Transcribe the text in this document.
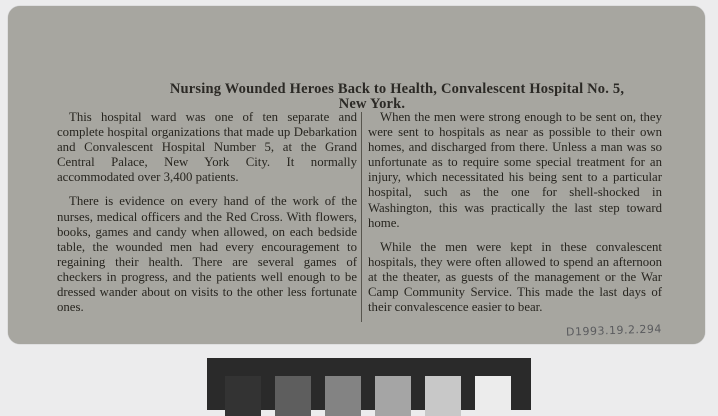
Nursing Wounded Heroes Back to Health, Convalescent Hospital No. 5,
New York.

This hospital ward was one of ten separate and complete hospital organizations that made up Debarkation and Convalescent Hospital Number 5, at the Grand Central Palace, New York City. It normally accommodated over 3,400 patients.

There is evidence on every hand of the work of the nurses, medical officers and the Red Cross. With flowers, books, games and candy when allowed, on each bedside table, the wounded men had every encouragement to regaining their health. There are several games of checkers in progress, and the patients well enough to be dressed wander about on visits to the other less fortunate ones.

When the men were strong enough to be sent on, they were sent to hospitals as near as possible to their own homes, and discharged from there. Unless a man was so unfortunate as to require some special treatment for an injury, which necessitated his being sent to a particular hospital, such as the one for shell-shocked in Washington, this was practically the last step toward home.

While the men were kept in these convalescent hospitals, they were often allowed to spend an afternoon at the theater, as guests of the management or the War Camp Community Service. This made the last days of their convalescence easier to bear.

D1993.19.2.294
